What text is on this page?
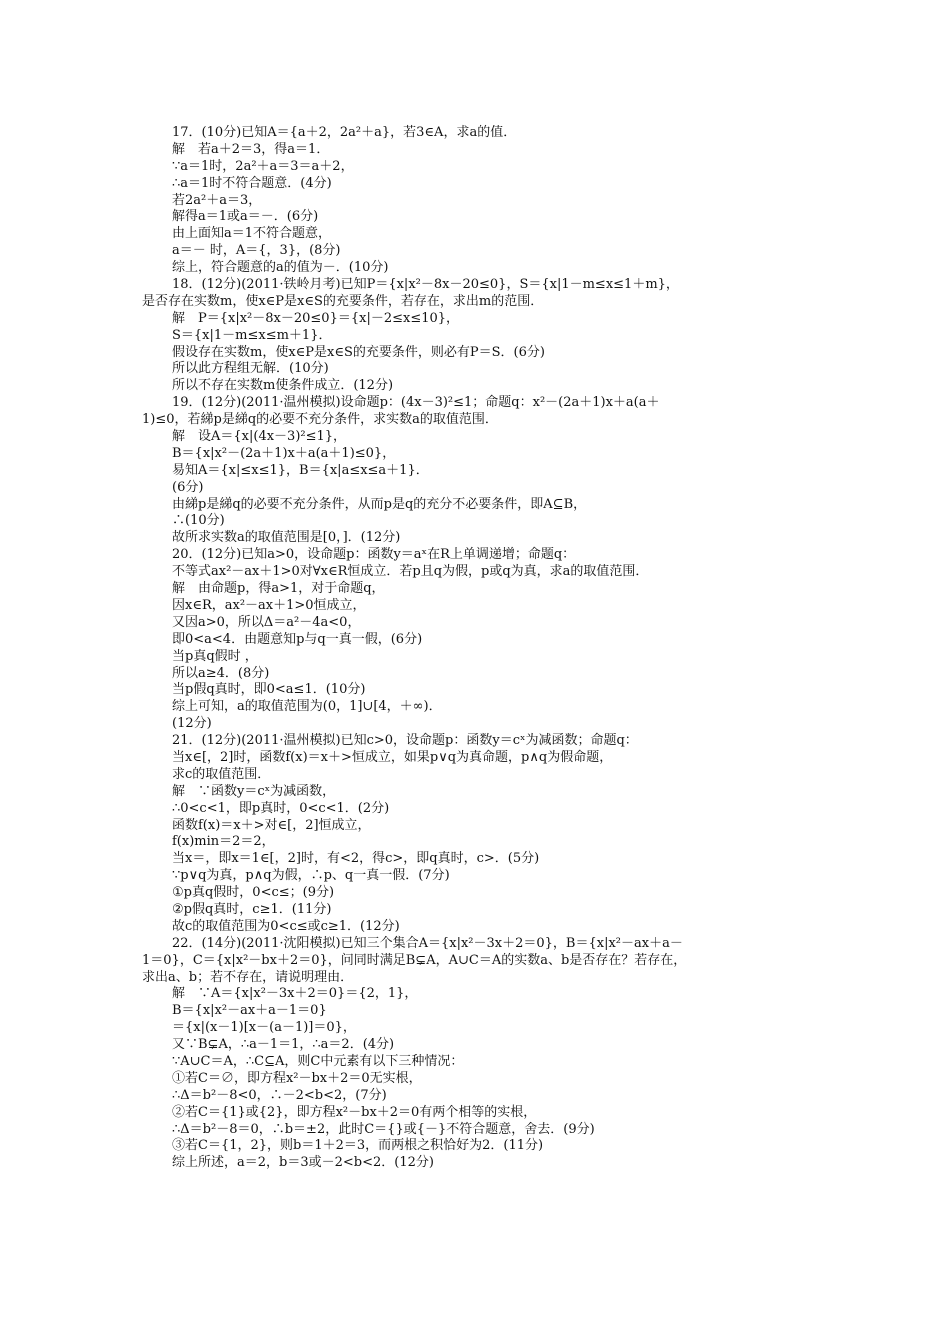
17．(10分)已知A＝{a＋2，2a²＋a}，若3∈A，求a的值．
解　若a＋2＝3，得a＝1．
∵a＝1时，2a²＋a＝3＝a＋2，
∴a＝1时不符合题意．(4分)
若2a²＋a＝3，
解得a＝1或a＝－．(6分)
由上面知a＝1不符合题意，
a＝－ 时，A＝{，3}，(8分)
综上，符合题意的a的值为－．(10分)
18．(12分)(2011·铁岭月考)已知P＝{x|x²－8x－20≤0}，S＝{x|1－m≤x≤1＋m}，
是否存在实数m，使x∈P是x∈S的充要条件，若存在，求出m的范围．
解　P＝{x|x²－8x－20≤0}＝{x|－2≤x≤10}，
S＝{x|1－m≤x≤m＋1}．
假设存在实数m，使x∈P是x∈S的充要条件，则必有P＝S．(6分)
所以此方程组无解．(10分)
所以不存在实数m使条件成立．(12分)
19．(12分)(2011·温州模拟)设命题p：(4x－3)²≤1；命题q：x²－(2a＋1)x＋a(a＋
1)≤0，若綈p是綈q的必要不充分条件，求实数a的取值范围．
解　设A＝{x|(4x－3)²≤1}，
B＝{x|x²－(2a＋1)x＋a(a＋1)≤0}，
易知A＝{x|≤x≤1}，B＝{x|a≤x≤a＋1}．
(6分)
由綈p是綈q的必要不充分条件，从而p是q的充分不必要条件，即A⊆B，
∴(10分)
故所求实数a的取值范围是[0，]．(12分)
20．(12分)已知a>0，设命题p：函数y＝aˣ在R上单调递增；命题q：
不等式ax²－ax＋1>0对∀x∈R恒成立．若p且q为假，p或q为真，求a的取值范围．
解　由命题p，得a>1，对于命题q，
因x∈R，ax²－ax＋1>0恒成立，
又因a>0，所以Δ＝a²－4a<0，
即0<a<4．由题意知p与q一真一假，(6分)
当p真q假时 ，
所以a≥4．(8分)
当p假q真时，即0<a≤1．(10分)
综上可知，a的取值范围为(0，1]∪[4，＋∞)．
(12分)
21．(12分)(2011·温州模拟)已知c>0，设命题p：函数y＝cˣ为减函数；命题q：
当x∈[，2]时，函数f(x)＝x＋>恒成立，如果p∨q为真命题，p∧q为假命题，
求c的取值范围．
解　∵函数y＝cˣ为减函数，
∴0<c<1，即p真时，0<c<1．(2分)
函数f(x)＝x＋>对∈[，2]恒成立，
f(x)min＝2＝2，
当x＝，即x＝1∈[，2]时，有<2，得c>，即q真时，c>．(5分)
∵p∨q为真，p∧q为假，∴p、q一真一假．(7分)
①p真q假时，0<c≤；(9分)
②p假q真时，c≥1．(11分)
故c的取值范围为0<c≤或c≥1．(12分)
22．(14分)(2011·沈阳模拟)已知三个集合A＝{x|x²－3x＋2＝0}，B＝{x|x²－ax＋a－
1＝0}，C＝{x|x²－bx＋2＝0}，问同时满足B⊊A，A∪C＝A的实数a、b是否存在？若存在，
求出a、b；若不存在，请说明理由．
解　∵A＝{x|x²－3x＋2＝0}＝{2，1}，
B＝{x|x²－ax＋a－1＝0}
＝{x|(x－1)[x－(a－1)]＝0}，
又∵B⊊A，∴a－1＝1，∴a＝2．(4分)
∵A∪C＝A，∴C⊆A，则C中元素有以下三种情况：
①若C＝∅，即方程x²－bx＋2＝0无实根，
∴Δ＝b²－8<0，∴－2<b<2，(7分)
②若C＝{1}或{2}，即方程x²－bx＋2＝0有两个相等的实根，
∴Δ＝b²－8＝0，∴b＝±2，此时C＝{}或{－}不符合题意，舍去．(9分)
③若C＝{1，2}，则b＝1＋2＝3，而两根之积恰好为2．(11分)
综上所述，a＝2，b＝3或－2<b<2．(12分)
